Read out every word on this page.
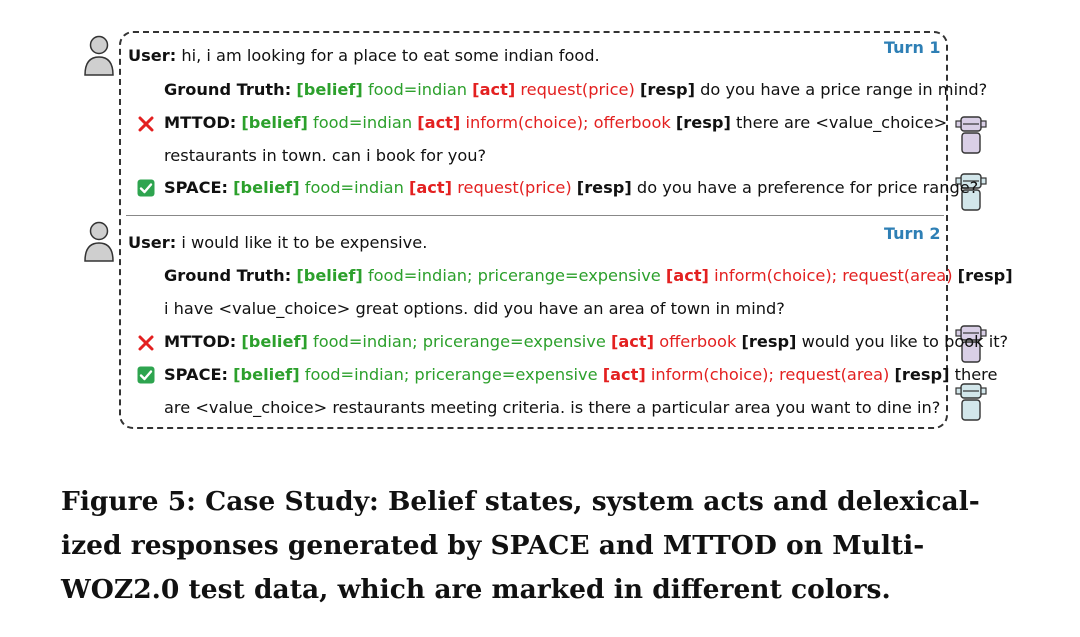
Turn 1
Turn 2
User: hi, i am looking for a place to eat some indian food.
Ground Truth: [belief] food=indian [act] request(price) [resp] do you have a price range in mind?
MTTOD: [belief] food=indian [act] inform(choice); offerbook [resp] there are <value_choice>
restaurants in town. can i book for you?
SPACE: [belief] food=indian [act] request(price) [resp] do you have a preference for price range?
User: i would like it to be expensive.
Ground Truth: [belief] food=indian; pricerange=expensive [act] inform(choice); request(area) [resp]
i have <value_choice> great options. did you have an area of town in mind?
MTTOD: [belief] food=indian; pricerange=expensive [act] offerbook [resp] would you like to book it?
SPACE: [belief] food=indian; pricerange=expensive [act] inform(choice); request(area) [resp] there
are <value_choice> restaurants meeting criteria. is there a particular area you want to dine in?
Figure 5: Case Study: Belief states, system acts and delexical-
ized responses generated by SPACE and MTTOD on Multi-
WOZ2.0 test data, which are marked in different colors.
